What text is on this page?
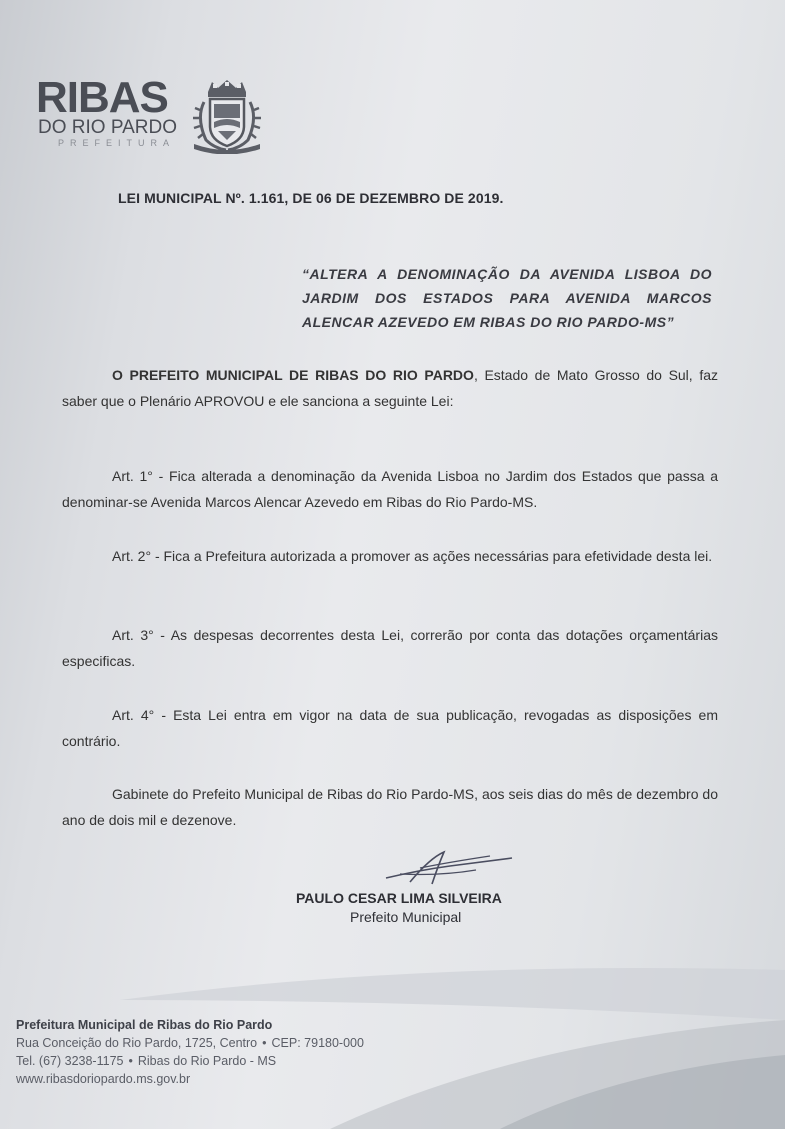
RIBAS
DO RIO PARDO
PREFEITURA
LEI MUNICIPAL Nº. 1.161, DE 06 DE DEZEMBRO DE 2019.
“ALTERA A DENOMINAÇÃO DA AVENIDA LISBOA DO JARDIM DOS ESTADOS PARA AVENIDA MARCOS ALENCAR AZEVEDO EM RIBAS DO RIO PARDO-MS”
O PREFEITO MUNICIPAL DE RIBAS DO RIO PARDO, Estado de Mato Grosso do Sul, faz saber que o Plenário APROVOU e ele sanciona a seguinte Lei:
Art. 1° - Fica alterada a denominação da Avenida Lisboa no Jardim dos Estados que passa a denominar-se Avenida Marcos Alencar Azevedo em Ribas do Rio Pardo-MS.
Art. 2° - Fica a Prefeitura autorizada a promover as ações necessárias para efetividade desta lei.
Art. 3° - As despesas decorrentes desta Lei, correrão por conta das dotações orçamentárias especificas.
Art. 4° - Esta Lei entra em vigor na data de sua publicação, revogadas as disposições em contrário.
Gabinete do Prefeito Municipal de Ribas do Rio Pardo-MS, aos seis dias do mês de dezembro do ano de dois mil e dezenove.
PAULO CESAR LIMA SILVEIRA
Prefeito Municipal
Prefeitura Municipal de Ribas do Rio Pardo
Rua Conceição do Rio Pardo, 1725, Centro • CEP: 79180-000
Tel. (67) 3238-1175 • Ribas do Rio Pardo - MS
www.ribasdoriopardo.ms.gov.br
